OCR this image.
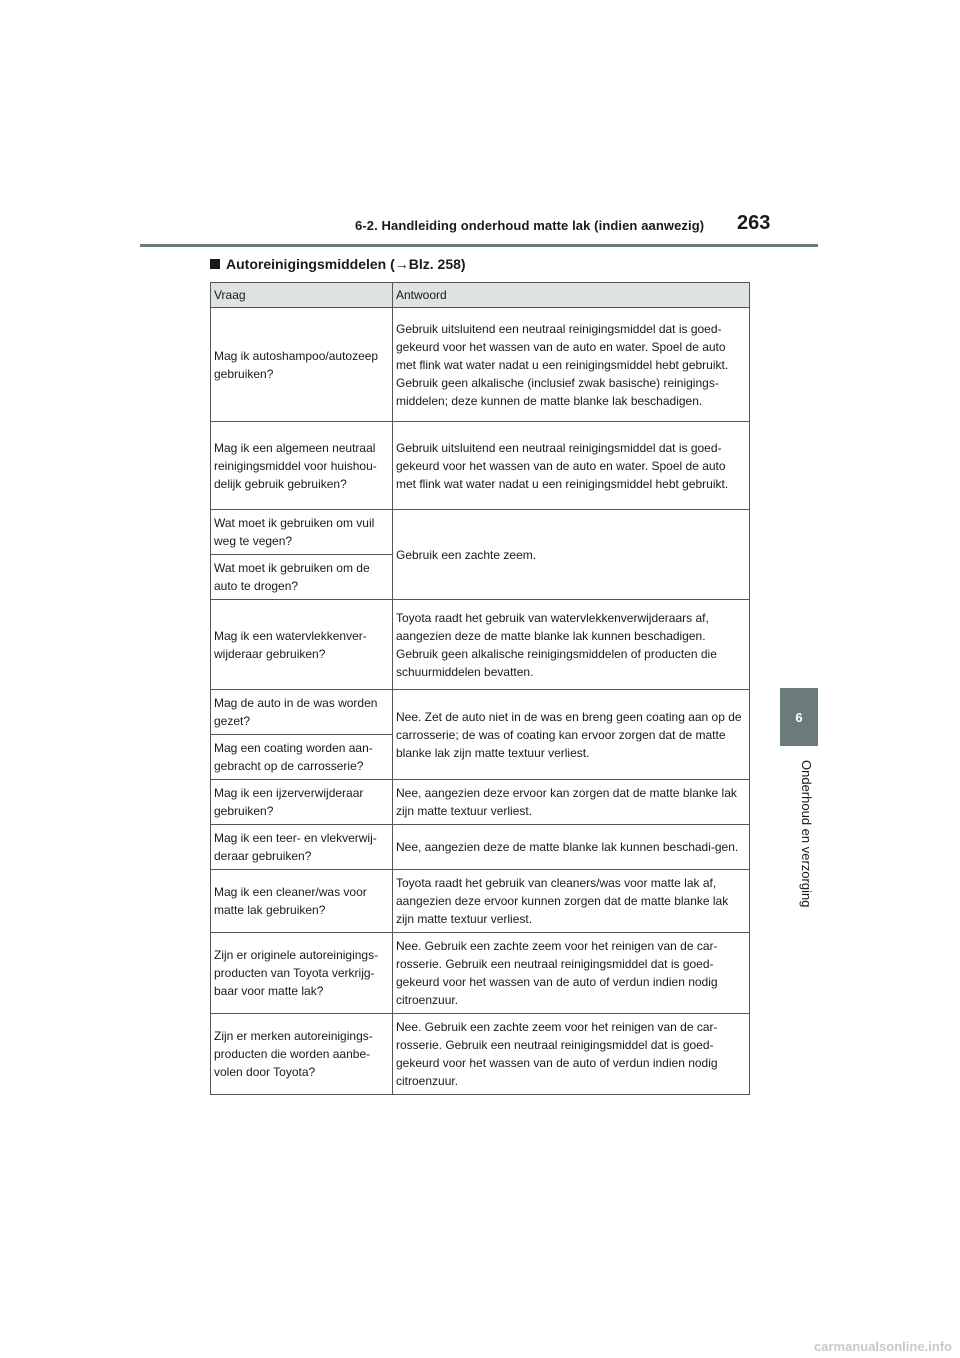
6-2. Handleiding onderhoud matte lak (indien aanwezig) 263
6
Onderhoud en verzorging
Autoreinigingsmiddelen (→Blz. 258)
Vraag	Antwoord
Mag ik autoshampoo/autozeep gebruiken?	Gebruik uitsluitend een neutraal reinigingsmiddel dat is goed-gekeurd voor het wassen van de auto en water. Spoel de auto met flink wat water nadat u een reinigingsmiddel hebt gebruikt.
Gebruik geen alkalische (inclusief zwak basische) reinigings-middelen; deze kunnen de matte blanke lak beschadigen.
Mag ik een algemeen neutraal reinigingsmiddel voor huishou-delijk gebruik gebruiken?	Gebruik uitsluitend een neutraal reinigingsmiddel dat is goed-gekeurd voor het wassen van de auto en water. Spoel de auto met flink wat water nadat u een reinigingsmiddel hebt gebruikt.
Wat moet ik gebruiken om vuil weg te vegen?	Gebruik een zachte zeem.
Wat moet ik gebruiken om de auto te drogen?	
Mag ik een watervlekkenver-wijderaar gebruiken?	Toyota raadt het gebruik van watervlekkenverwijderaars af, aangezien deze de matte blanke lak kunnen beschadigen. Gebruik geen alkalische reinigingsmiddelen of producten die schuurmiddelen bevatten.
Mag de auto in de was worden gezet?	Nee. Zet de auto niet in de was en breng geen coating aan op de carrosserie; de was of coating kan ervoor zorgen dat de matte blanke lak zijn matte textuur verliest.
Mag een coating worden aan-gebracht op de carrosserie?	
Mag ik een ijzerverwijderaar gebruiken?	Nee, aangezien deze ervoor kan zorgen dat de matte blanke lak zijn matte textuur verliest.
Mag ik een teer- en vlekverwij-deraar gebruiken?	Nee, aangezien deze de matte blanke lak kunnen beschadi-gen.
Mag ik een cleaner/was voor matte lak gebruiken?	Toyota raadt het gebruik van cleaners/was voor matte lak af, aangezien deze ervoor kunnen zorgen dat de matte blanke lak zijn matte textuur verliest.
Zijn er originele autoreinigings-producten van Toyota verkrijg-baar voor matte lak?	Nee. Gebruik een zachte zeem voor het reinigen van de car-rosserie. Gebruik een neutraal reinigingsmiddel dat is goed-gekeurd voor het wassen van de auto of verdun indien nodig citroenzuur.
Zijn er merken autoreinigings-producten die worden aanbe-volen door Toyota?	Nee. Gebruik een zachte zeem voor het reinigen van de car-rosserie. Gebruik een neutraal reinigingsmiddel dat is goed-gekeurd voor het wassen van de auto of verdun indien nodig citroenzuur.
carmanualsonline.info
